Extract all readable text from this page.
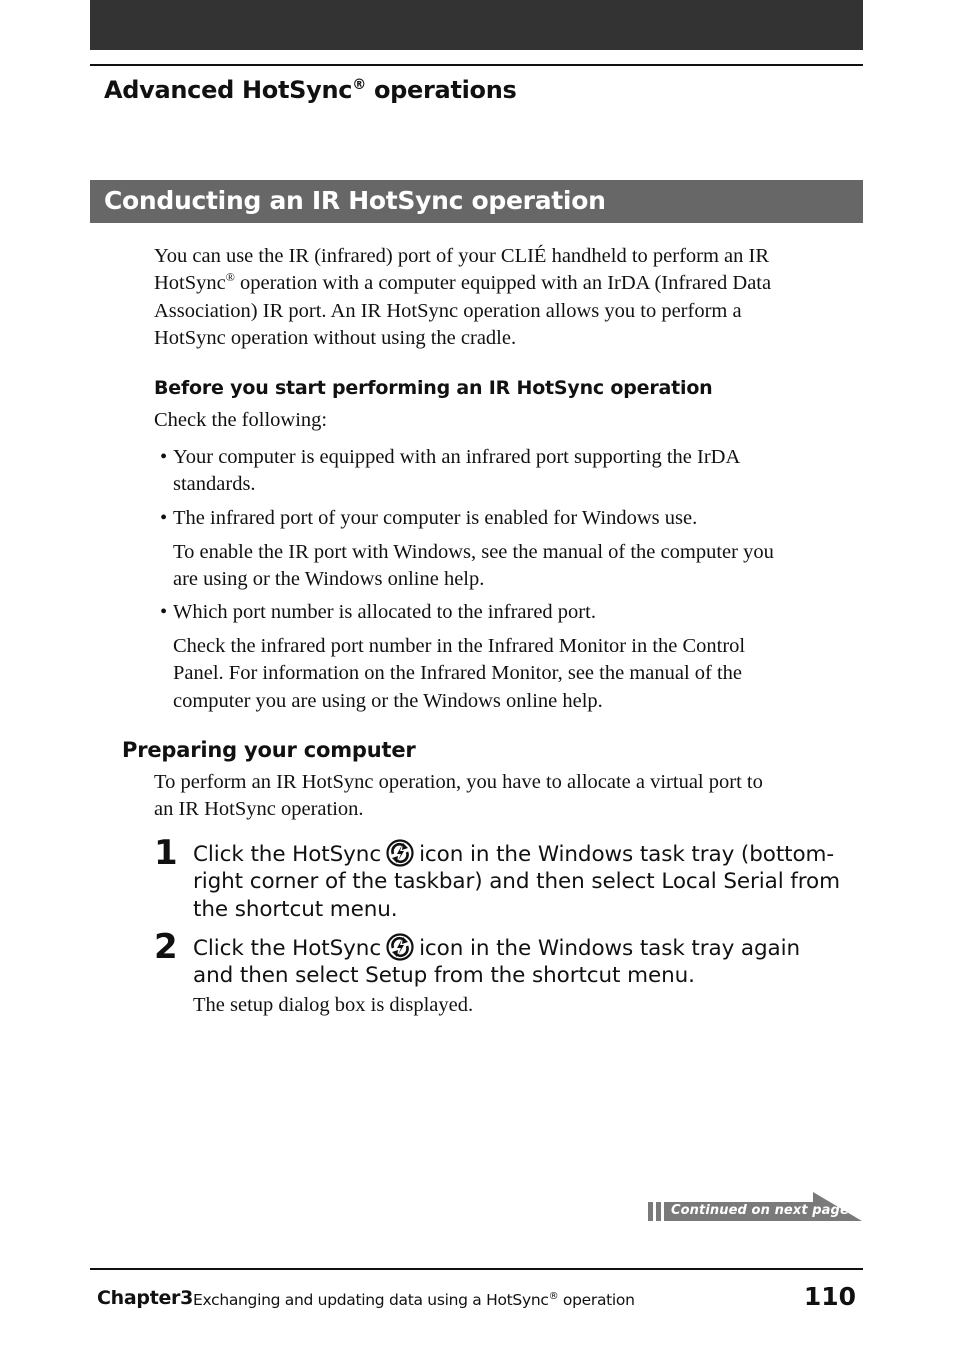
Advanced HotSync® operations
Conducting an IR HotSync operation
You can use the IR (infrared) port of your CLIÉ handheld to perform an IR
HotSync® operation with a computer equipped with an IrDA (Infrared Data
Association) IR port. An IR HotSync operation allows you to perform a
HotSync operation without using the cradle.
Before you start performing an IR HotSync operation
Check the following:
• Your computer is equipped with an infrared port supporting the IrDA
standards.
• The infrared port of your computer is enabled for Windows use.
To enable the IR port with Windows, see the manual of the computer you
are using or the Windows online help.
• Which port number is allocated to the infrared port.
Check the infrared port number in the Infrared Monitor in the Control
Panel. For information on the Infrared Monitor, see the manual of the
computer you are using or the Windows online help.
Preparing your computer
To perform an IR HotSync operation, you have to allocate a virtual port to
an IR HotSync operation.
1 Click the HotSync icon in the Windows task tray (bottom-
right corner of the taskbar) and then select Local Serial from
the shortcut menu.
2 Click the HotSync icon in the Windows task tray again
and then select Setup from the shortcut menu.
The setup dialog box is displayed.
Continued on next page
Chapter3 Exchanging and updating data using a HotSync® operation	110
